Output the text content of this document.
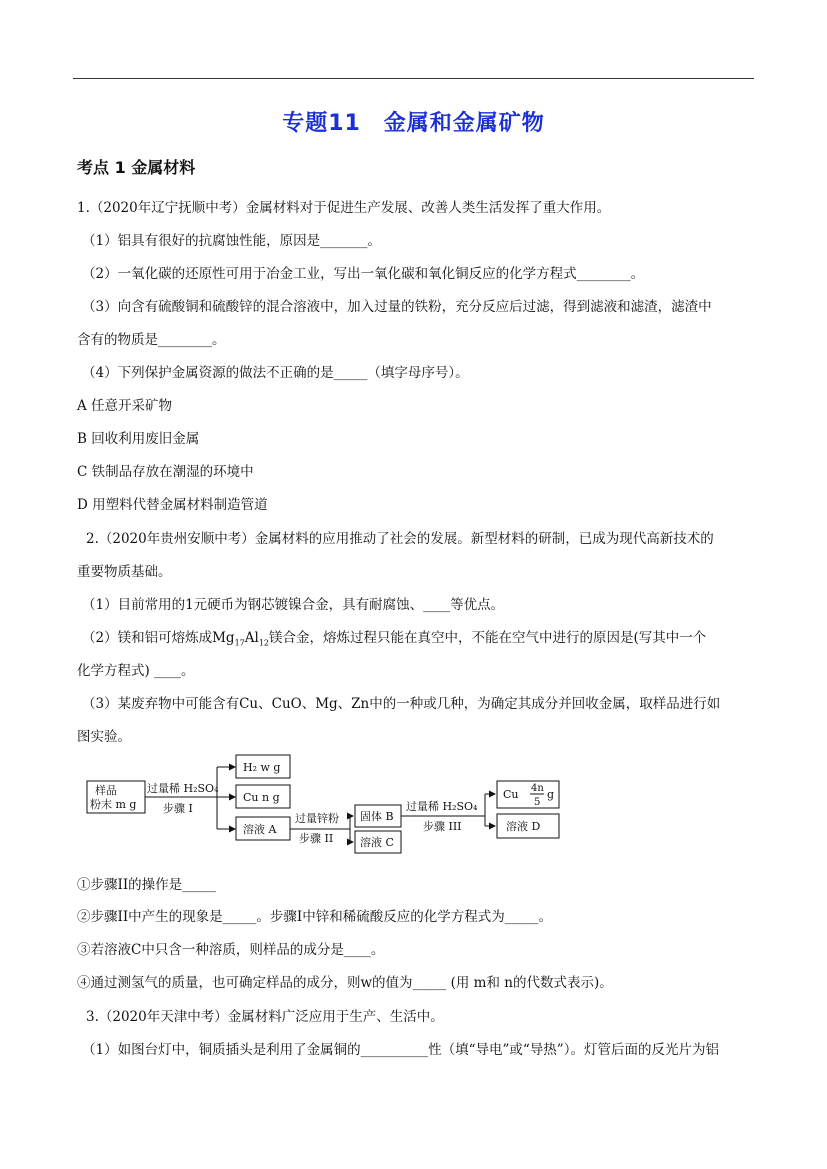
专题11　金属和金属矿物
考点 1 金属材料
1.（2020年辽宁抚顺中考）金属材料对于促进生产发展、改善人类生活发挥了重大作用。
（1）铝具有很好的抗腐蚀性能，原因是_______。
（2）一氧化碳的还原性可用于冶金工业，写出一氧化碳和氧化铜反应的化学方程式________。
（3）向含有硫酸铜和硫酸锌的混合溶液中，加入过量的铁粉，充分反应后过滤，得到滤液和滤渣，滤渣中
含有的物质是________。
（4）下列保护金属资源的做法不正确的是_____（填字母序号）。
A 任意开采矿物
B 回收利用废旧金属
C 铁制品存放在潮湿的环境中
D 用塑料代替金属材料制造管道
2.（2020年贵州安顺中考）金属材料的应用推动了社会的发展。新型材料的研制，已成为现代高新技术的
重要物质基础。
（1）目前常用的1元硬币为钢芯镀镍合金，具有耐腐蚀、____等优点。
（2）镁和铝可熔炼成$Mg_{17}Al_{12}$镁合金，熔炼过程只能在真空中，不能在空气中进行的原因是(写其中一个
化学方程式) ____。
（3）某废弃物中可能含有Cu、CuO、Mg、Zn中的一种或几种，为确定其成分并回收金属，取样品进行如
图实验。
样品
粉末 m g
过量稀 H₂SO₄
步骤 I
H₂ w g
Cu n g
溶液 A
过量锌粉
步骤 II
固体 B
溶液 C
过量稀 H₂SO₄
步骤 III
Cu 4n
5
g
溶液 D
①步骤II的操作是_____
②步骤II中产生的现象是_____。步骤I中锌和稀硫酸反应的化学方程式为_____。
③若溶液C中只含一种溶质，则样品的成分是____。
④通过测氢气的质量，也可确定样品的成分，则w的值为_____ (用 m和 n的代数式表示)。
3.（2020年天津中考）金属材料广泛应用于生产、生活中。
（1）如图台灯中，铜质插头是利用了金属铜的__________性（填“导电”或“导热”）。灯管后面的反光片为铝
